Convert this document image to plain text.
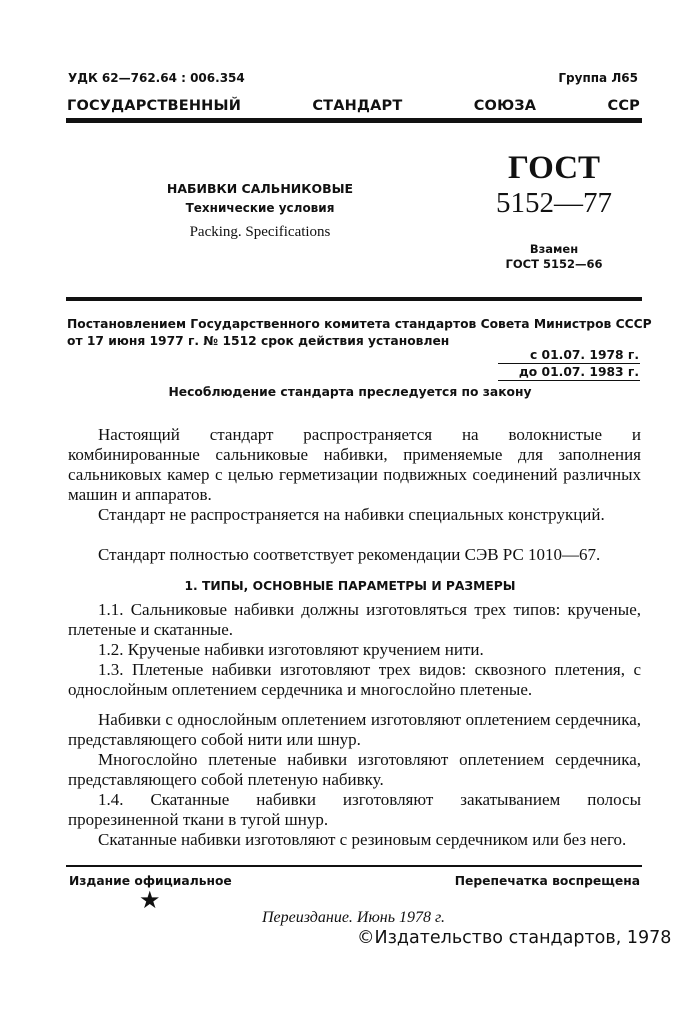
УДК 62—762.64 : 006.354	Группа Л65
ГОСУДАРСТВЕННЫЙ СТАНДАРТ СОЮЗА ССР
НАБИВКИ САЛЬНИКОВЫЕ
Технические условия
Packing. Specifications
ГОСТ
5152—77
Взамен
ГОСТ 5152—66
Постановлением Государственного комитета стандартов Совета Министров СССР
от 17 июня 1977 г. № 1512 срок действия установлен
с 01.07. 1978 г.
до 01.07. 1983 г.
Несоблюдение стандарта преследуется по закону
Настоящий стандарт распространяется на волокнистые и комбинированные сальниковые набивки, применяемые для заполнения сальниковых камер с целью герметизации подвижных соединений различных машин и аппаратов.
Стандарт не распространяется на набивки специальных конструкций.
Стандарт полностью соответствует рекомендации СЭВ РС 1010—67.
1. ТИПЫ, ОСНОВНЫЕ ПАРАМЕТРЫ И РАЗМЕРЫ
1.1. Сальниковые набивки должны изготовляться трех типов: крученые, плетеные и скатанные.
1.2. Крученые набивки изготовляют кручением нити.
1.3. Плетеные набивки изготовляют трех видов: сквозного плетения, с однослойным оплетением сердечника и многослойно плетеные.
Набивки с однослойным оплетением изготовляют оплетением сердечника, представляющего собой нити или шнур.
Многослойно плетеные набивки изготовляют оплетением сердечника, представляющего собой плетеную набивку.
1.4. Скатанные набивки изготовляют закатыванием полосы прорезиненной ткани в тугой шнур.
Скатанные набивки изготовляют с резиновым сердечником или без него.
Издание официальное	Перепечатка воспрещена
★
Переиздание. Июнь 1978 г.
©Издательство стандартов, 1978
